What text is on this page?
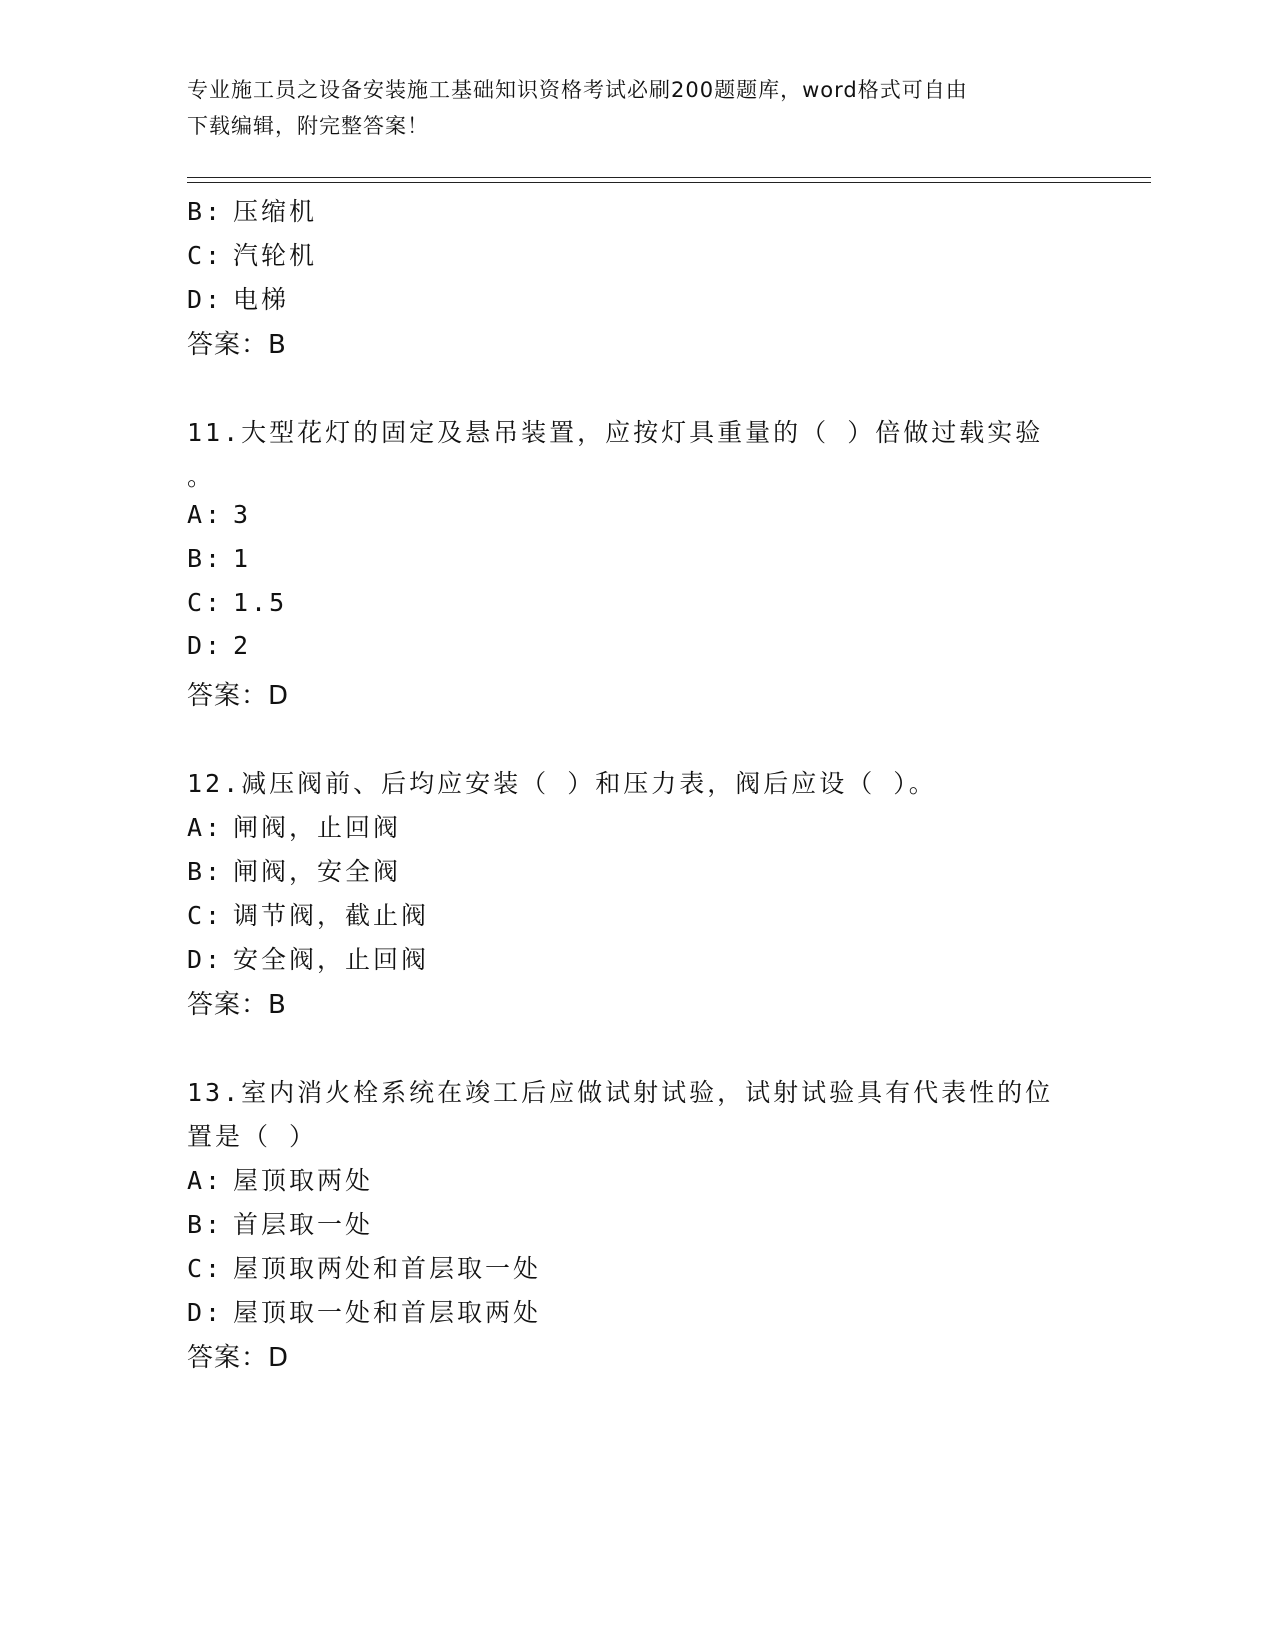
专业施工员之设备安装施工基础知识资格考试必刷200题题库，word格式可自由
下载编辑，附完整答案！
B: 压缩机
C: 汽轮机
D: 电梯
答案：B
11.大型花灯的固定及悬吊装置，应按灯具重量的（ ）倍做过载实验
。
A: 3
B: 1
C: 1.5
D: 2
答案：D
12.减压阀前、后均应安装（ ）和压力表，阀后应设（ ）。
A: 闸阀，止回阀
B: 闸阀，安全阀
C: 调节阀，截止阀
D: 安全阀，止回阀
答案：B
13.室内消火栓系统在竣工后应做试射试验，试射试验具有代表性的位
置是（ ）
A: 屋顶取两处
B: 首层取一处
C: 屋顶取两处和首层取一处
D: 屋顶取一处和首层取两处
答案：D
